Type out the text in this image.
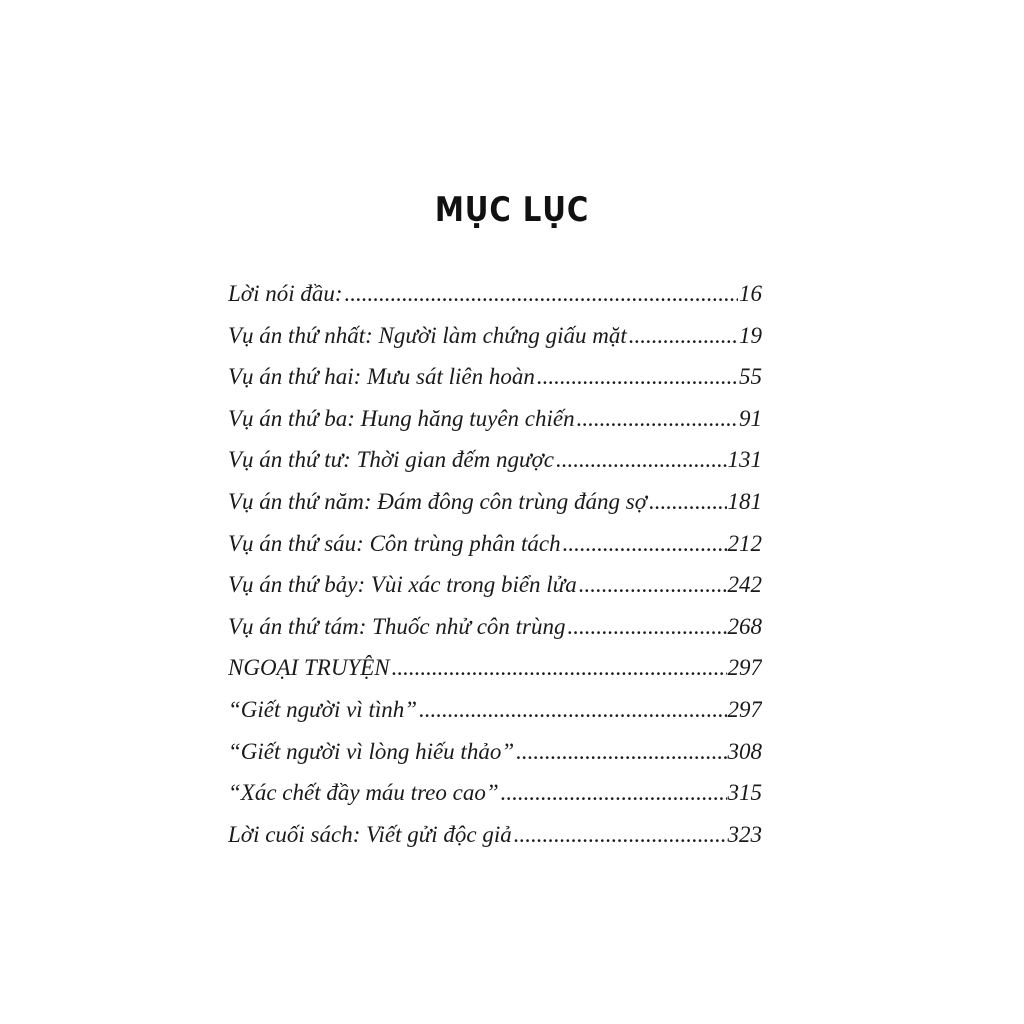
MỤC LỤC
Lời nói đầu: .....	16
Vụ án thứ nhất: Người làm chứng giấu mặt .....	19
Vụ án thứ hai: Mưu sát liên hoàn .....	55
Vụ án thứ ba: Hung hăng tuyên chiến .....	91
Vụ án thứ tư: Thời gian đếm ngược .....	131
Vụ án thứ năm: Đám đông côn trùng đáng sợ .....	181
Vụ án thứ sáu: Côn trùng phân tách .....	212
Vụ án thứ bảy: Vùi xác trong biển lửa .....	242
Vụ án thứ tám: Thuốc nhử côn trùng .....	268
NGOẠI TRUYỆN .....	297
“Giết người vì tình” .....	297
“Giết người vì lòng hiếu thảo” .....	308
“Xác chết đầy máu treo cao” .....	315
Lời cuối sách: Viết gửi độc giả .....	323
